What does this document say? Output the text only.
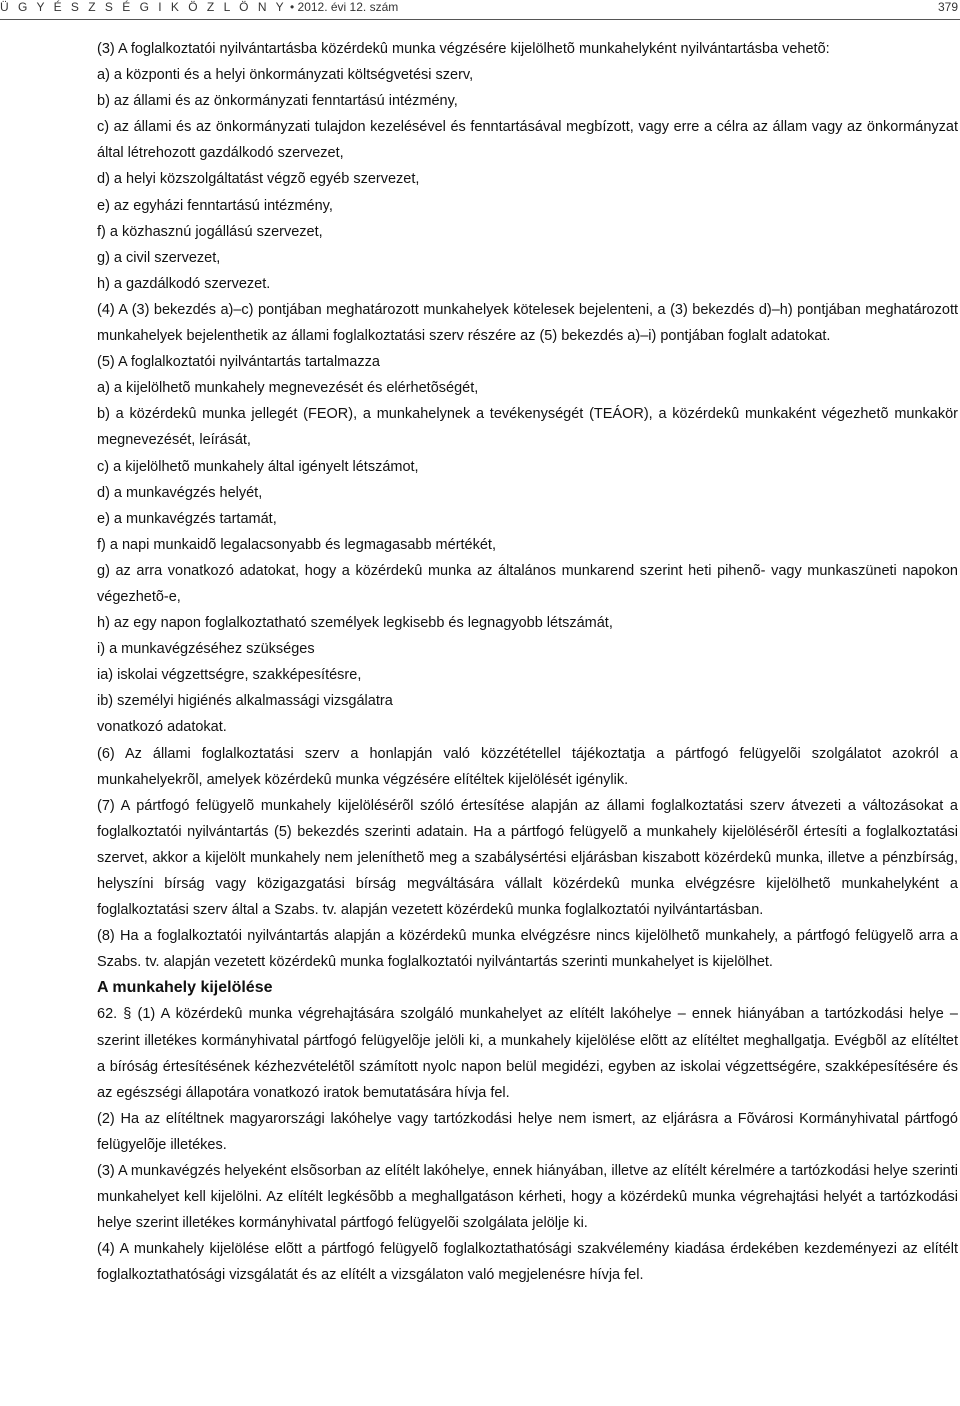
Ü G Y É S Z S É G I K Ö Z L Ö N Y • 2012. évi 12. szám	379

(3) A foglalkoztatói nyilvántartásba közérdekû munka végzésére kijelölhetõ munkahelyként nyilvántartásba vehetõ:

a) a központi és a helyi önkormányzati költségvetési szerv,

b) az állami és az önkormányzati fenntartású intézmény,

c) az állami és az önkormányzati tulajdon kezelésével és fenntartásával megbízott, vagy erre a célra az állam vagy az önkormányzat által létrehozott gazdálkodó szervezet,

d) a helyi közszolgáltatást végzõ egyéb szervezet,

e) az egyházi fenntartású intézmény,

f) a közhasznú jogállású szervezet,

g) a civil szervezet,

h) a gazdálkodó szervezet.

(4) A (3) bekezdés a)–c) pontjában meghatározott munkahelyek kötelesek bejelenteni, a (3) bekezdés d)–h) pontjában meghatározott munkahelyek bejelenthetik az állami foglalkoztatási szerv részére az (5) bekezdés a)–i) pontjában foglalt adatokat.

(5) A foglalkoztatói nyilvántartás tartalmazza

a) a kijelölhetõ munkahely megnevezését és elérhetõségét,

b) a közérdekû munka jellegét (FEOR), a munkahelynek a tevékenységét (TEÁOR), a közérdekû munkaként végezhetõ munkakör megnevezését, leírását,

c) a kijelölhetõ munkahely által igényelt létszámot,

d) a munkavégzés helyét,

e) a munkavégzés tartamát,

f) a napi munkaidõ legalacsonyabb és legmagasabb mértékét,

g) az arra vonatkozó adatokat, hogy a közérdekû munka az általános munkarend szerint heti pihenõ- vagy munkaszüneti napokon végezhetõ-e,

h) az egy napon foglalkoztatható személyek legkisebb és legnagyobb létszámát,

i) a munkavégzéséhez szükséges

ia) iskolai végzettségre, szakképesítésre,

ib) személyi higiénés alkalmassági vizsgálatra

vonatkozó adatokat.

(6) Az állami foglalkoztatási szerv a honlapján való közzététellel tájékoztatja a pártfogó felügyelõi szolgálatot azokról a munkahelyekrõl, amelyek közérdekû munka végzésére elítéltek kijelölését igénylik.

(7) A pártfogó felügyelõ munkahely kijelölésérõl szóló értesítése alapján az állami foglalkoztatási szerv átvezeti a változásokat a foglalkoztatói nyilvántartás (5) bekezdés szerinti adatain. Ha a pártfogó felügyelõ a munkahely kijelölésérõl értesíti a foglalkoztatási szervet, akkor a kijelölt munkahely nem jeleníthetõ meg a szabálysértési eljárásban kiszabott közérdekû munka, illetve a pénzbírság, helyszíni bírság vagy közigazgatási bírság megváltására vállalt közérdekû munka elvégzésre kijelölhetõ munkahelyként a foglalkoztatási szerv által a Szabs. tv. alapján vezetett közérdekû munka foglalkoztatói nyilvántartásban.

(8) Ha a foglalkoztatói nyilvántartás alapján a közérdekû munka elvégzésre nincs kijelölhetõ munkahely, a pártfogó felügyelõ arra a Szabs. tv. alapján vezetett közérdekû munka foglalkoztatói nyilvántartás szerinti munkahelyet is kijelölhet.

A munkahely kijelölése

62. § (1) A közérdekû munka végrehajtására szolgáló munkahelyet az elítélt lakóhelye – ennek hiányában a tartózkodási helye – szerint illetékes kormányhivatal pártfogó felügyelõje jelöli ki, a munkahely kijelölése elõtt az elítéltet meghallgatja. Evégbõl az elítéltet a bíróság értesítésének kézhezvételétõl számított nyolc napon belül megidézi, egyben az iskolai végzettségére, szakképesítésére és az egészségi állapotára vonatkozó iratok bemutatására hívja fel.

(2) Ha az elítéltnek magyarországi lakóhelye vagy tartózkodási helye nem ismert, az eljárásra a Fõvárosi Kormányhivatal pártfogó felügyelõje illetékes.

(3) A munkavégzés helyeként elsõsorban az elítélt lakóhelye, ennek hiányában, illetve az elítélt kérelmére a tartózkodási helye szerinti munkahelyet kell kijelölni. Az elítélt legkésõbb a meghallgatáson kérheti, hogy a közérdekû munka végrehajtási helyét a tartózkodási helye szerint illetékes kormányhivatal pártfogó felügyelõi szolgálata jelölje ki.

(4) A munkahely kijelölése elõtt a pártfogó felügyelõ foglalkoztathatósági szakvélemény kiadása érdekében kezdeményezi az elítélt foglalkoztathatósági vizsgálatát és az elítélt a vizsgálaton való megjelenésre hívja fel.
